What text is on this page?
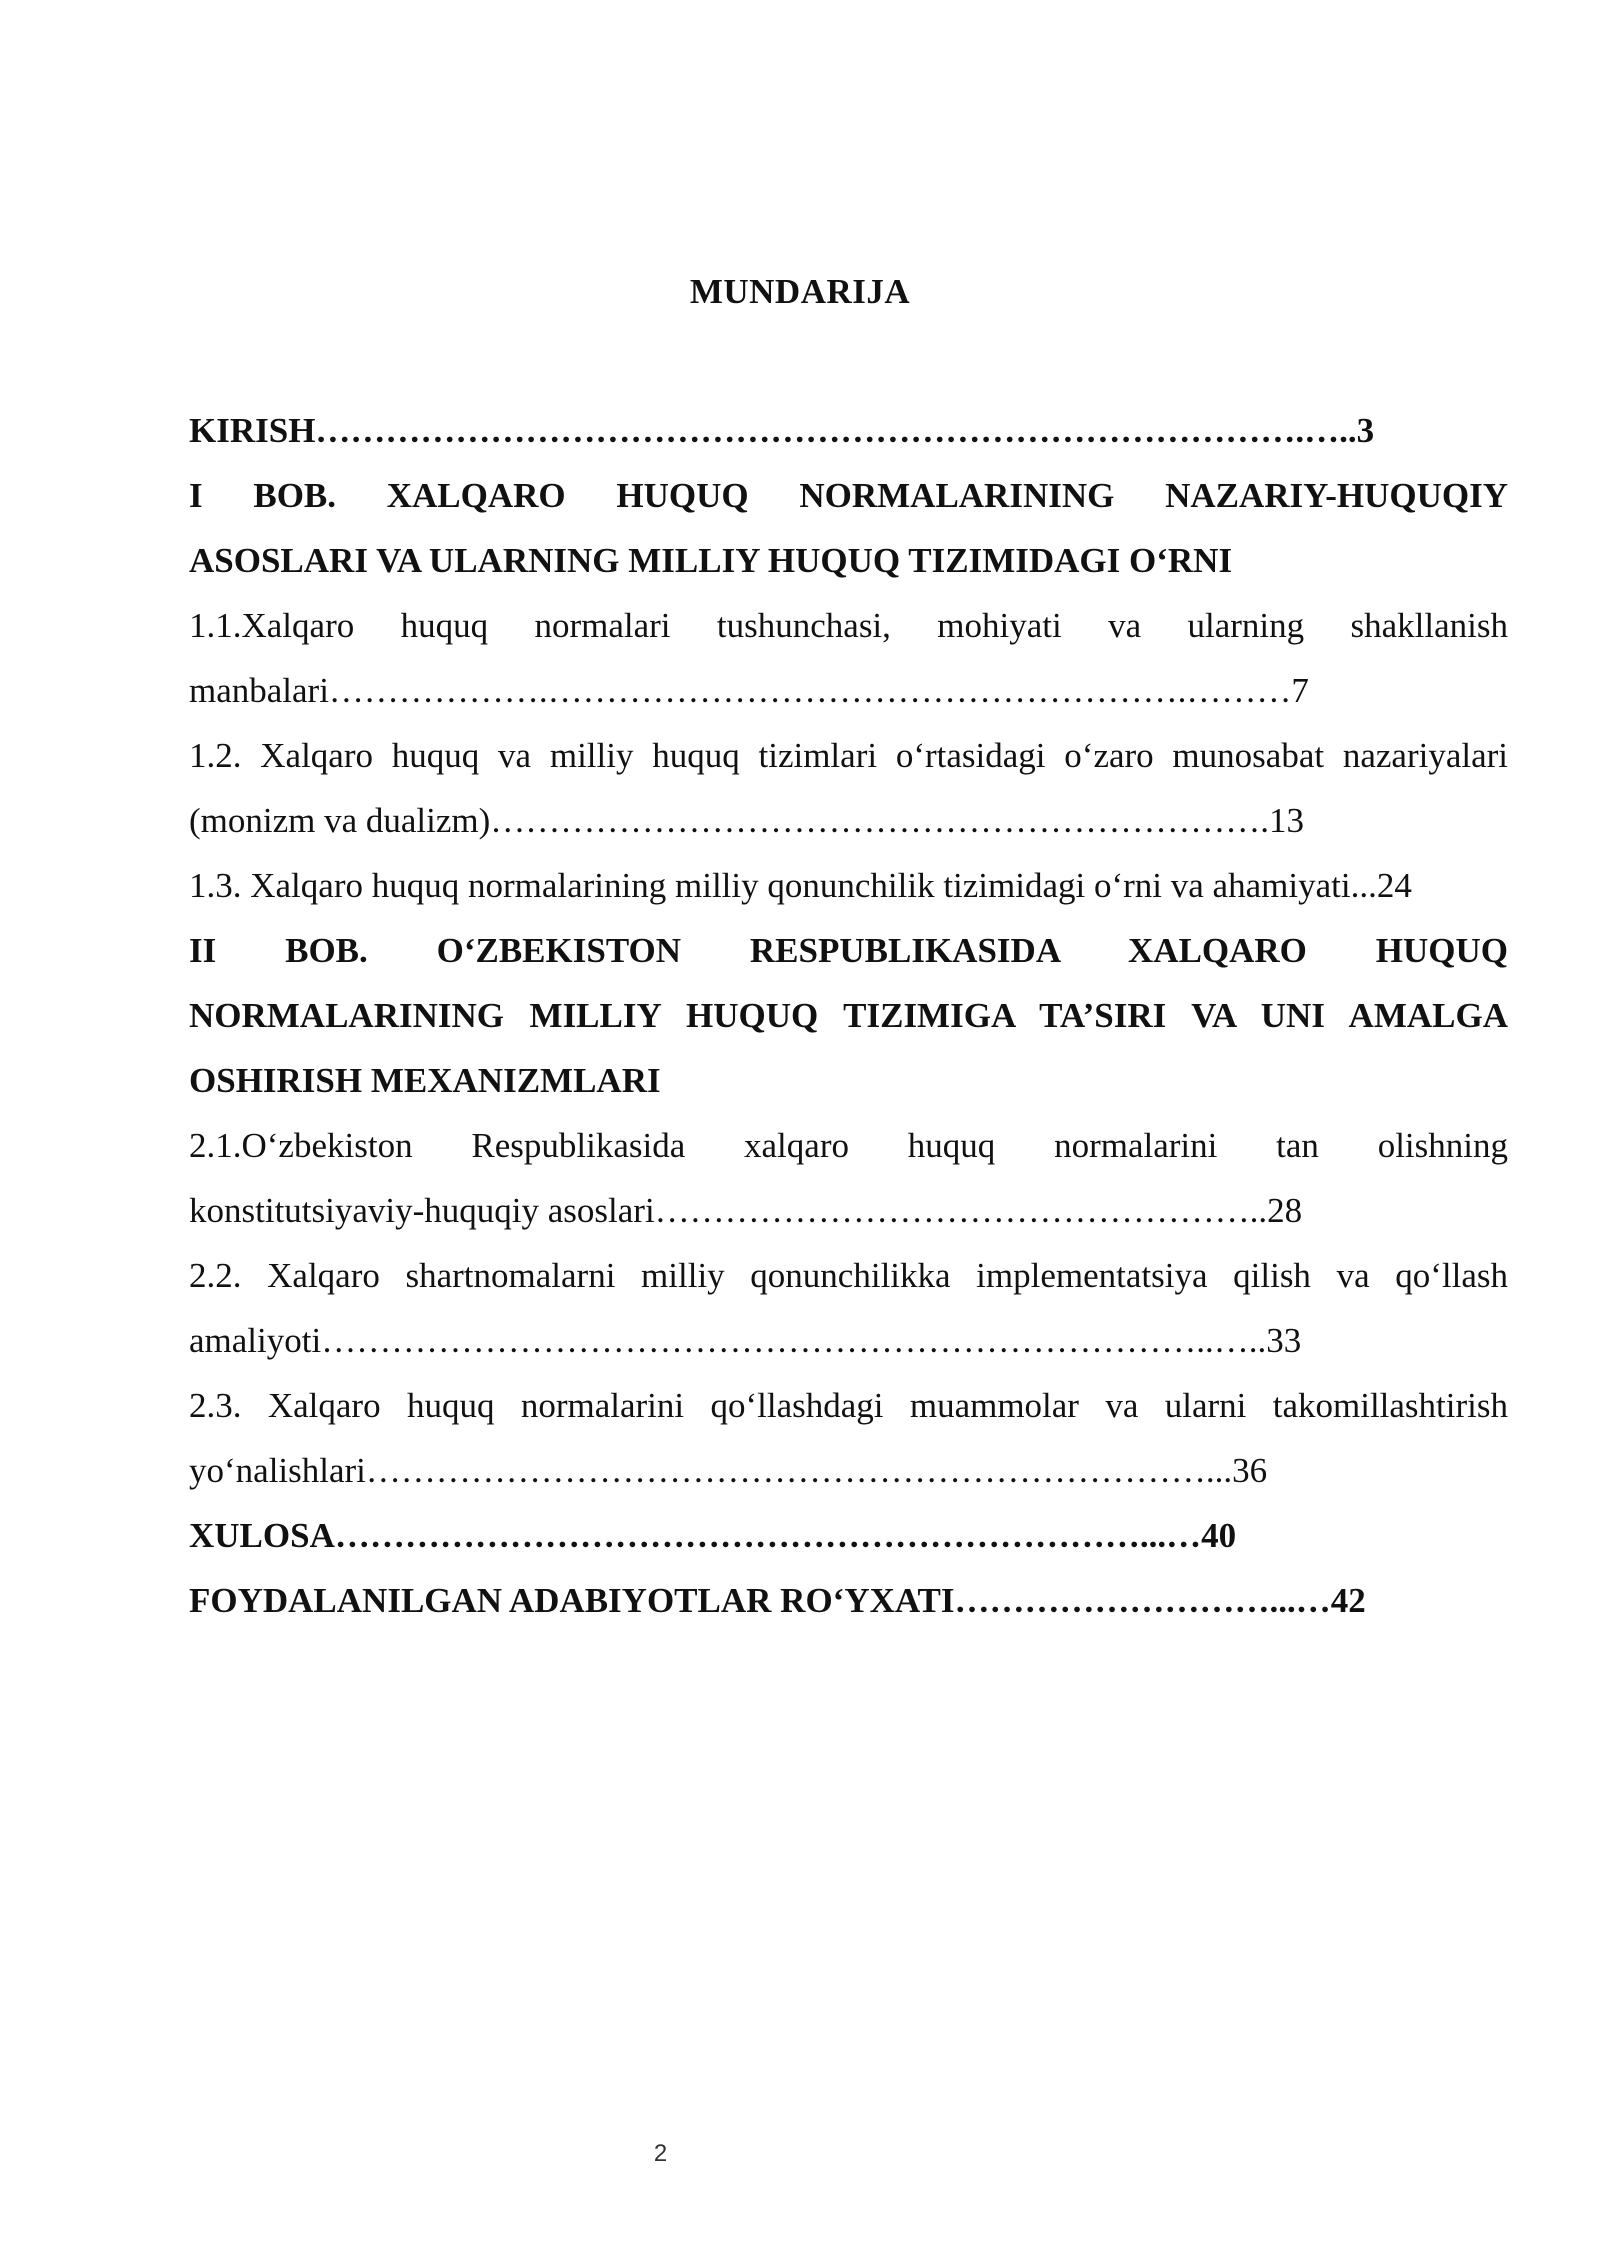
MUNDARIJA
KIRISH………………………………………………………………………….…..3
I BOB. XALQARO HUQUQ NORMALARINING NAZARIY-HUQUQIY
ASOSLARI VA ULARNING MILLIY HUQUQ TIZIMIDAGI O‘RNI
1.1.Xalqaro huquq normalari tushunchasi, mohiyati va ularning shakllanish
manbalari……………….……………………………………………….………7
1.2. Xalqaro huquq va milliy huquq tizimlari o‘rtasidagi o‘zaro munosabat nazariyalari
(monizm va dualizm)………………………………………………………….13
1.3. Xalqaro huquq normalarining milliy qonunchilik tizimidagi o‘rni va ahamiyati...24
II BOB. O‘ZBEKISTON RESPUBLIKASIDA XALQARO HUQUQ
NORMALARINING MILLIY HUQUQ TIZIMIGA TA’SIRI VA UNI AMALGA
OSHIRISH MEXANIZMLARI
2.1.O‘zbekiston Respublikasida xalqaro huquq normalarini tan olishning
konstitutsiyaviy-huquqiy asoslari……………………………………………..28
2.2. Xalqaro shartnomalarni milliy qonunchilikka implementatsiya qilish va qo‘llash
amaliyoti…………………………………………………………………..…..33
2.3. Xalqaro huquq normalarini qo‘llashdagi muammolar va ularni takomillashtirish
yo‘nalishlari………………………………………………………………...36
XULOSA……………………………………………………………...…40
FOYDALANILGAN ADABIYOTLAR RO‘YXATI………………………...…42
2
